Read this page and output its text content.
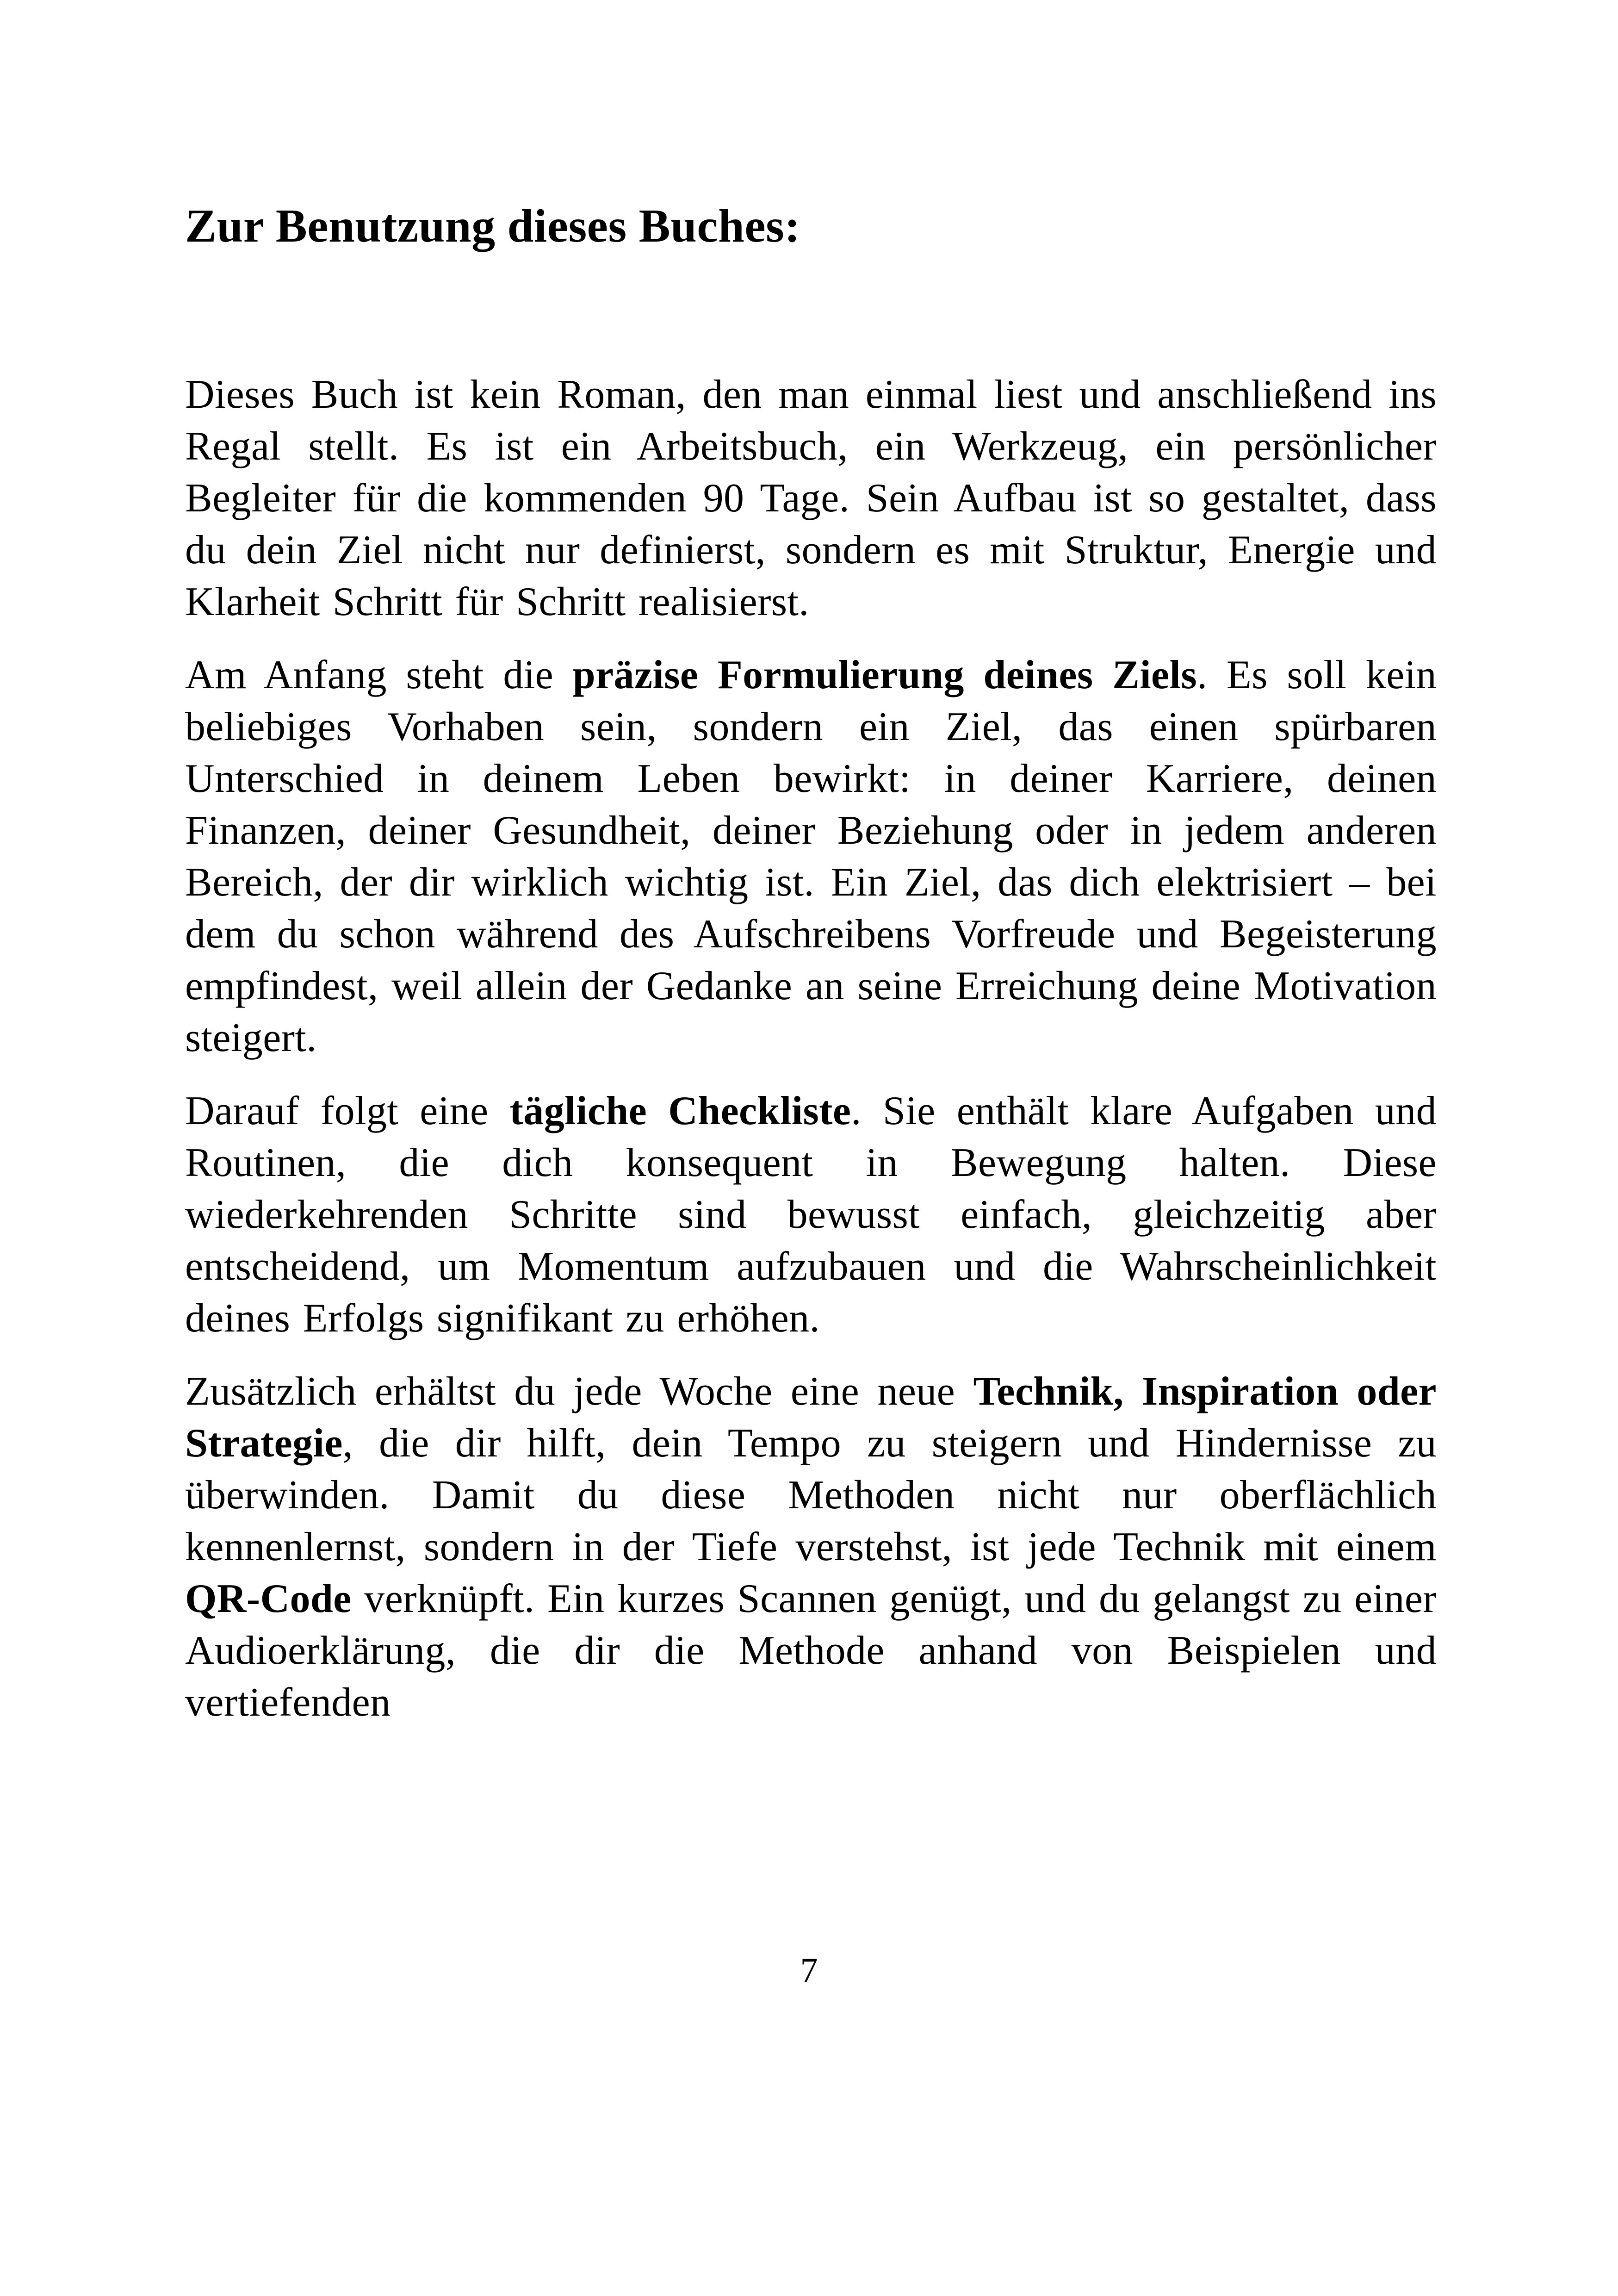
Zur Benutzung dieses Buches:

Dieses Buch ist kein Roman, den man einmal liest und anschließend ins Regal stellt. Es ist ein Arbeitsbuch, ein Werkzeug, ein persönlicher Begleiter für die kommenden 90 Tage. Sein Aufbau ist so gestaltet, dass du dein Ziel nicht nur definierst, sondern es mit Struktur, Energie und Klarheit Schritt für Schritt realisierst.

Am Anfang steht die präzise Formulierung deines Ziels. Es soll kein beliebiges Vorhaben sein, sondern ein Ziel, das einen spürbaren Unterschied in deinem Leben bewirkt: in deiner Karriere, deinen Finanzen, deiner Gesundheit, deiner Beziehung oder in jedem anderen Bereich, der dir wirklich wichtig ist. Ein Ziel, das dich elektrisiert – bei dem du schon während des Aufschreibens Vorfreude und Begeisterung empfindest, weil allein der Gedanke an seine Erreichung deine Motivation steigert.

Darauf folgt eine tägliche Checkliste. Sie enthält klare Aufgaben und Routinen, die dich konsequent in Bewegung halten. Diese wiederkehrenden Schritte sind bewusst einfach, gleichzeitig aber entscheidend, um Momentum aufzubauen und die Wahrscheinlichkeit deines Erfolgs signifikant zu erhöhen.

Zusätzlich erhältst du jede Woche eine neue Technik, Inspiration oder Strategie, die dir hilft, dein Tempo zu steigern und Hindernisse zu überwinden. Damit du diese Methoden nicht nur oberflächlich kennenlernst, sondern in der Tiefe verstehst, ist jede Technik mit einem QR-Code verknüpft. Ein kurzes Scannen genügt, und du gelangst zu einer Audioerklärung, die dir die Methode anhand von Beispielen und vertiefenden

7
